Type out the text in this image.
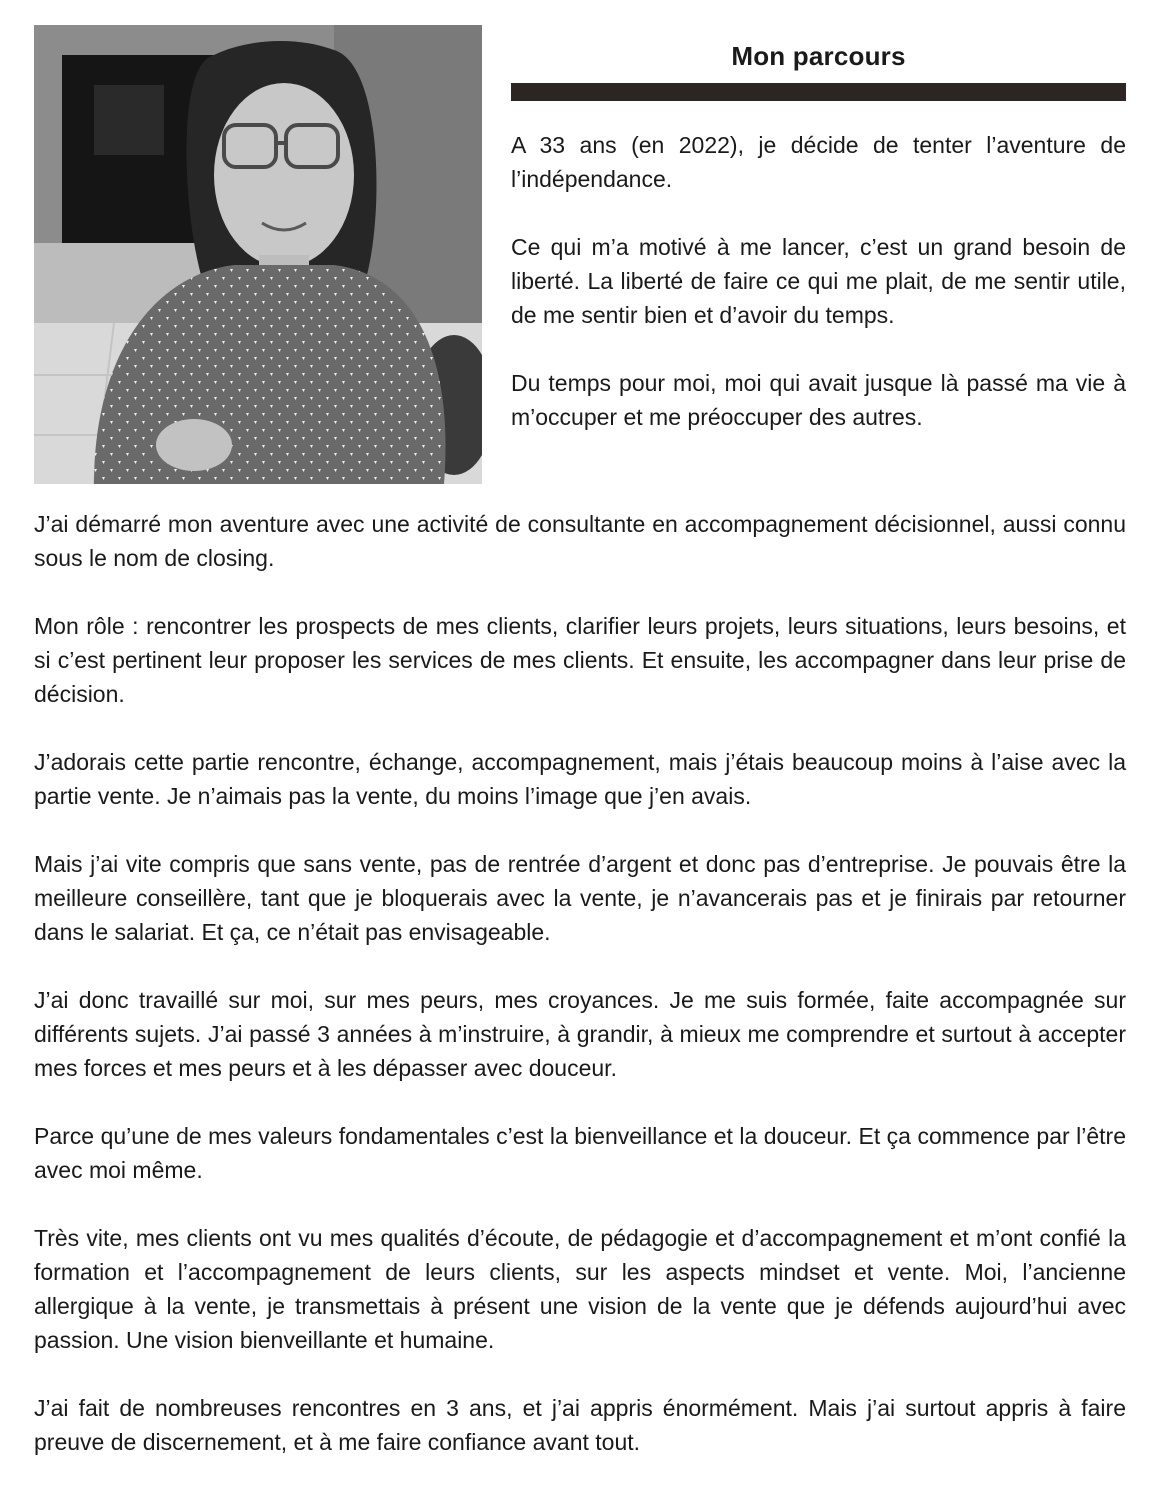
Mon parcours

A 33 ans (en 2022), je décide de tenter l’aventure de l’indépendance.

Ce qui m’a motivé à me lancer, c’est un grand besoin de liberté. La liberté de faire ce qui me plait, de me sentir utile, de me sentir bien et d’avoir du temps.

Du temps pour moi, moi qui avait jusque là passé ma vie à m’occuper et me préoccuper des autres.

J’ai démarré mon aventure avec une activité de consultante en accompagnement décisionnel, aussi connu sous le nom de closing.

Mon rôle : rencontrer les prospects de mes clients, clarifier leurs projets, leurs situations, leurs besoins, et si c’est pertinent leur proposer les services de mes clients. Et ensuite, les accompagner dans leur prise de décision.

J’adorais cette partie rencontre, échange, accompagnement, mais j’étais beaucoup moins à l’aise avec la partie vente. Je n’aimais pas la vente, du moins l’image que j’en avais.

Mais j’ai vite compris que sans vente, pas de rentrée d’argent et donc pas d’entreprise. Je pouvais être la meilleure conseillère, tant que je bloquerais avec la vente, je n’avancerais pas et je finirais par retourner dans le salariat. Et ça, ce n’était pas envisageable.

J’ai donc travaillé sur moi, sur mes peurs, mes croyances. Je me suis formée, faite accompagnée sur différents sujets. J’ai passé 3 années à m’instruire, à grandir, à mieux me comprendre et surtout à accepter mes forces et mes peurs et à les dépasser avec douceur.

Parce qu’une de mes valeurs fondamentales c’est la bienveillance et la douceur. Et ça commence par l’être avec moi même.

Très vite, mes clients ont vu mes qualités d’écoute, de pédagogie et d’accompagnement et m’ont confié la formation et l’accompagnement de leurs clients, sur les aspects mindset et vente. Moi, l’ancienne allergique à la vente, je transmettais à présent une vision de la vente que je défends aujourd’hui avec passion. Une vision bienveillante et humaine.

J’ai fait de nombreuses rencontres en 3 ans, et j’ai appris énormément. Mais j’ai surtout appris à faire preuve de discernement, et à me faire confiance avant tout.
